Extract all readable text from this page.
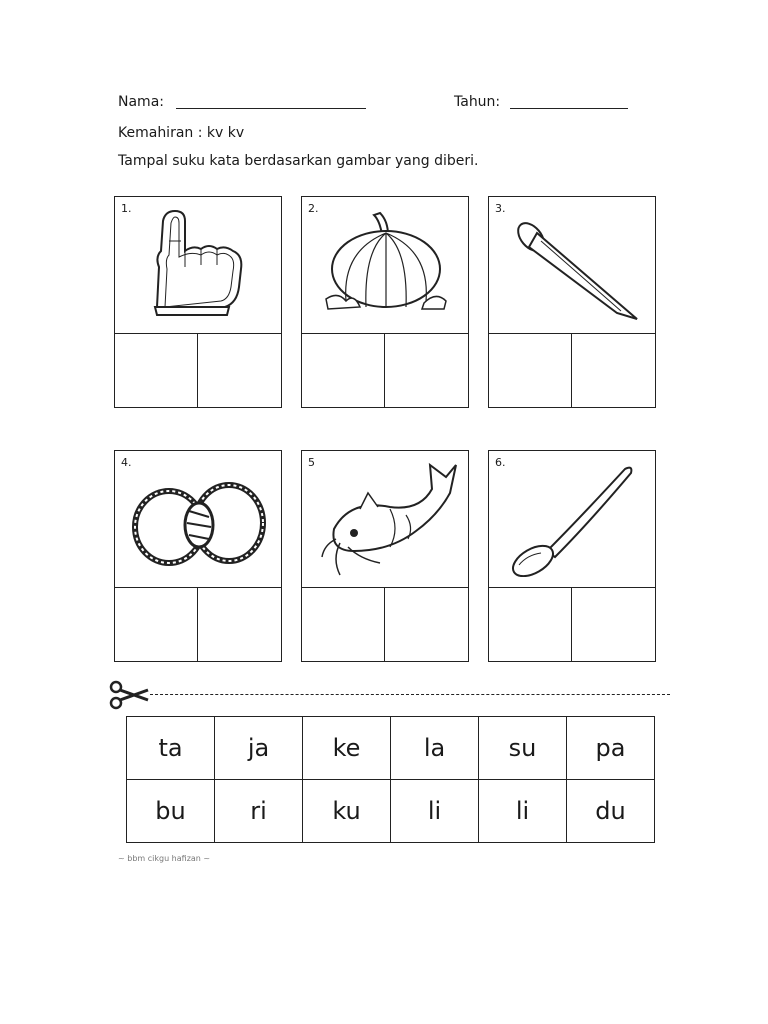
Nama:	Tahun:
Kemahiran : kv kv
Tampal suku kata berdasarkan gambar yang diberi.
1.	2.	3.
4.	5	6.
ta	ja	ke	la	su	pa
bu	ri	ku	li	li	du
~ bbm cikgu hafizan ~
